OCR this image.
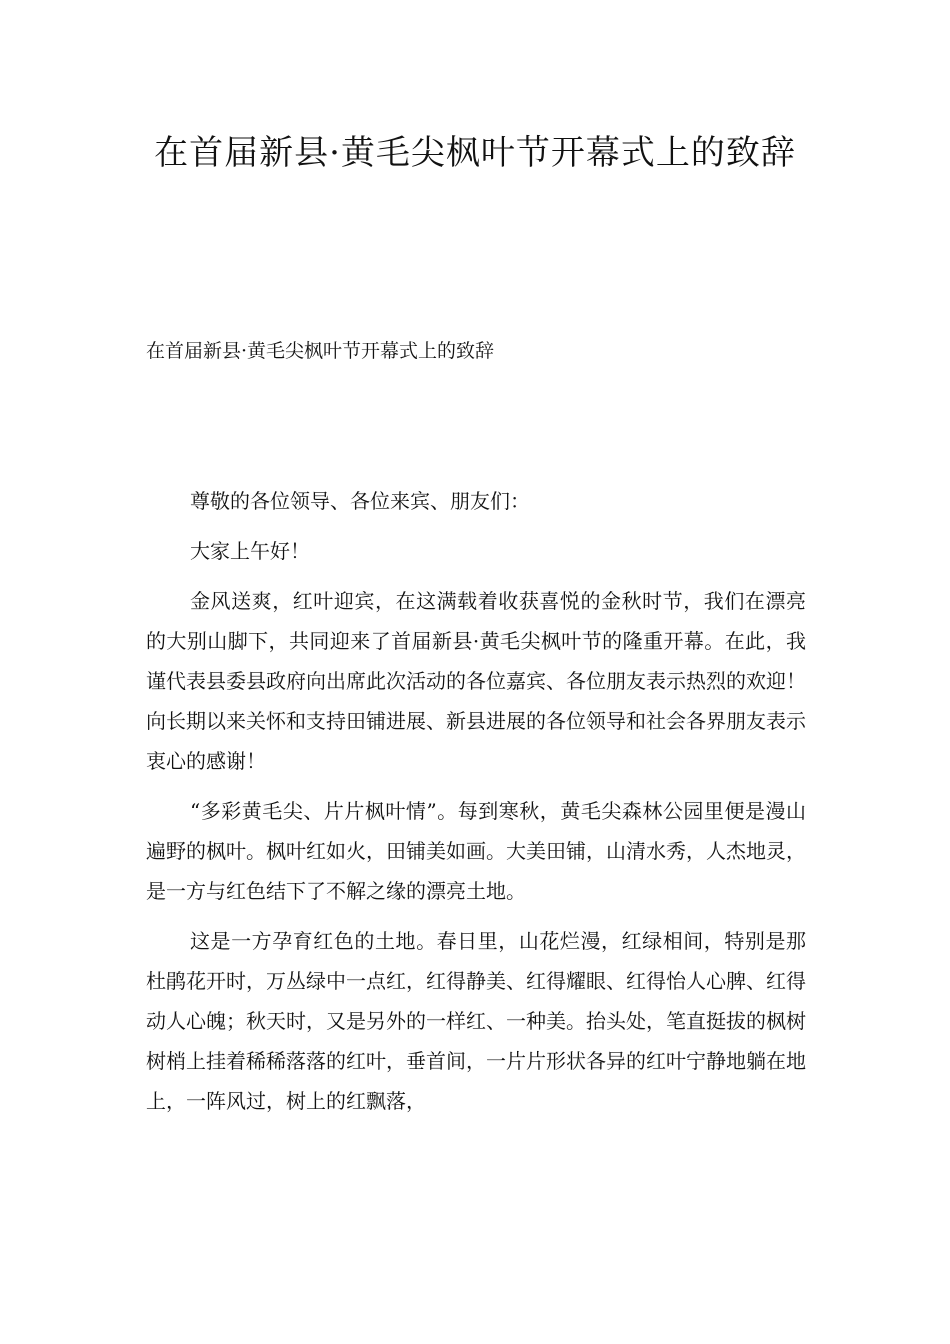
在首届新县·黄毛尖枫叶节开幕式上的致辞

在首届新县·黄毛尖枫叶节开幕式上的致辞

尊敬的各位领导、各位来宾、朋友们：

大家上午好！

金风送爽，红叶迎宾，在这满载着收获喜悦的金秋时节，我们在漂亮的大别山脚下，共同迎来了首届新县·黄毛尖枫叶节的隆重开幕。在此，我谨代表县委县政府向出席此次活动的各位嘉宾、各位朋友表示热烈的欢迎！向长期以来关怀和支持田铺进展、新县进展的各位领导和社会各界朋友表示衷心的感谢！

“多彩黄毛尖、片片枫叶情”。每到寒秋，黄毛尖森林公园里便是漫山遍野的枫叶。枫叶红如火，田铺美如画。大美田铺，山清水秀，人杰地灵，是一方与红色结下了不解之缘的漂亮土地。

这是一方孕育红色的土地。春日里，山花烂漫，红绿相间，特别是那杜鹃花开时，万丛绿中一点红，红得静美、红得耀眼、红得怡人心脾、红得动人心魄；秋天时，又是另外的一样红、一种美。抬头处，笔直挺拔的枫树树梢上挂着稀稀落落的红叶，垂首间，一片片形状各异的红叶宁静地躺在地上，一阵风过，树上的红飘落，
